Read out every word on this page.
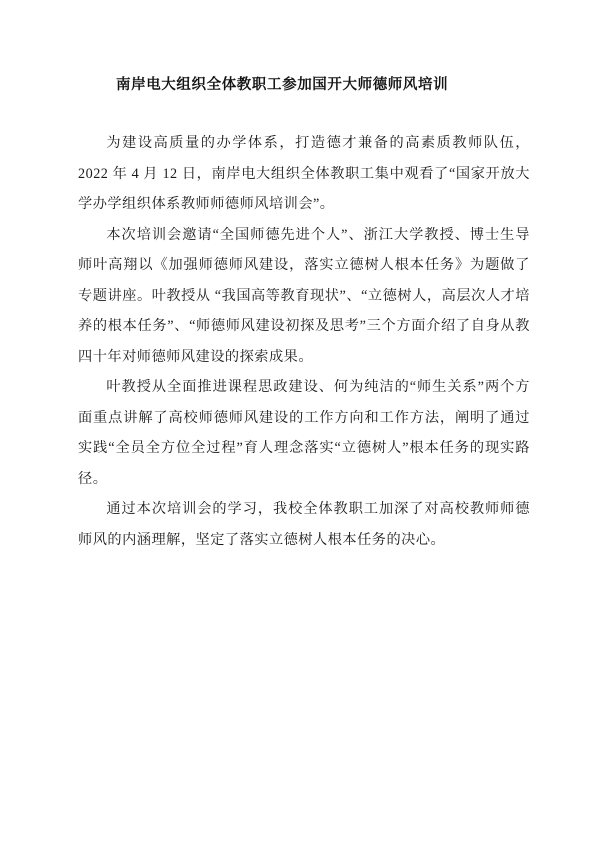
南岸电大组织全体教职工参加国开大师德师风培训

为建设高质量的办学体系，打造德才兼备的高素质教师队伍，2022 年 4 月 12 日，南岸电大组织全体教职工集中观看了“国家开放大学办学组织体系教师师德师风培训会”。

本次培训会邀请“全国师德先进个人”、浙江大学教授、博士生导师叶高翔以《加强师德师风建设，落实立德树人根本任务》为题做了专题讲座。叶教授从 “我国高等教育现状”、“立德树人，高层次人才培养的根本任务”、“师德师风建设初探及思考”三个方面介绍了自身从教四十年对师德师风建设的探索成果。

叶教授从全面推进课程思政建设、何为纯洁的“师生关系”两个方面重点讲解了高校师德师风建设的工作方向和工作方法，阐明了通过实践“全员全方位全过程”育人理念落实“立德树人”根本任务的现实路径。

通过本次培训会的学习，我校全体教职工加深了对高校教师师德师风的内涵理解，坚定了落实立德树人根本任务的决心。
